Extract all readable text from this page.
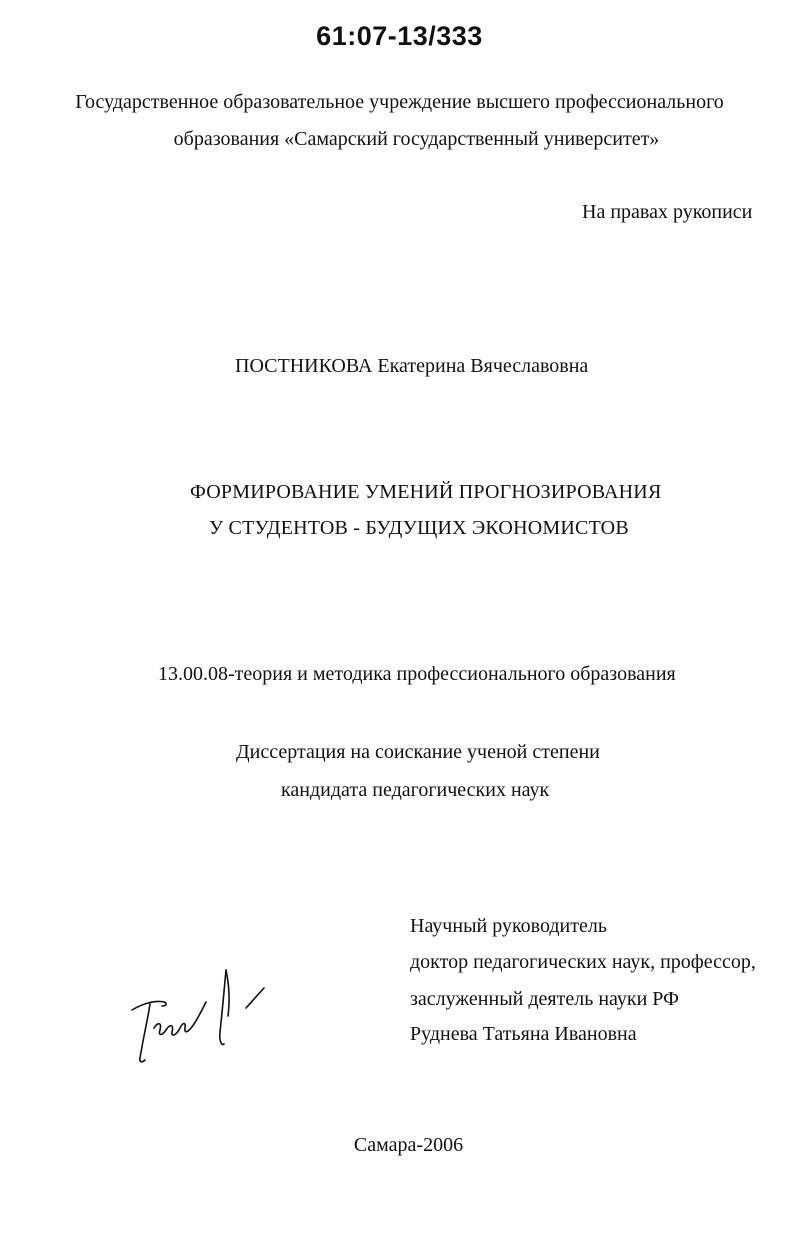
61:07-13/333
Государственное образовательное учреждение высшего профессионального
образования «Самарский государственный университет»
На правах рукописи
ПОСТНИКОВА Екатерина Вячеславовна
ФОРМИРОВАНИЕ УМЕНИЙ ПРОГНОЗИРОВАНИЯ
У СТУДЕНТОВ - БУДУЩИХ ЭКОНОМИСТОВ
13.00.08-теория и методика профессионального образования
Диссертация на соискание ученой степени
кандидата педагогических наук
Научный руководитель
доктор педагогических наук, профессор,
заслуженный деятель науки РФ
Руднева Татьяна Ивановна
Самара-2006
